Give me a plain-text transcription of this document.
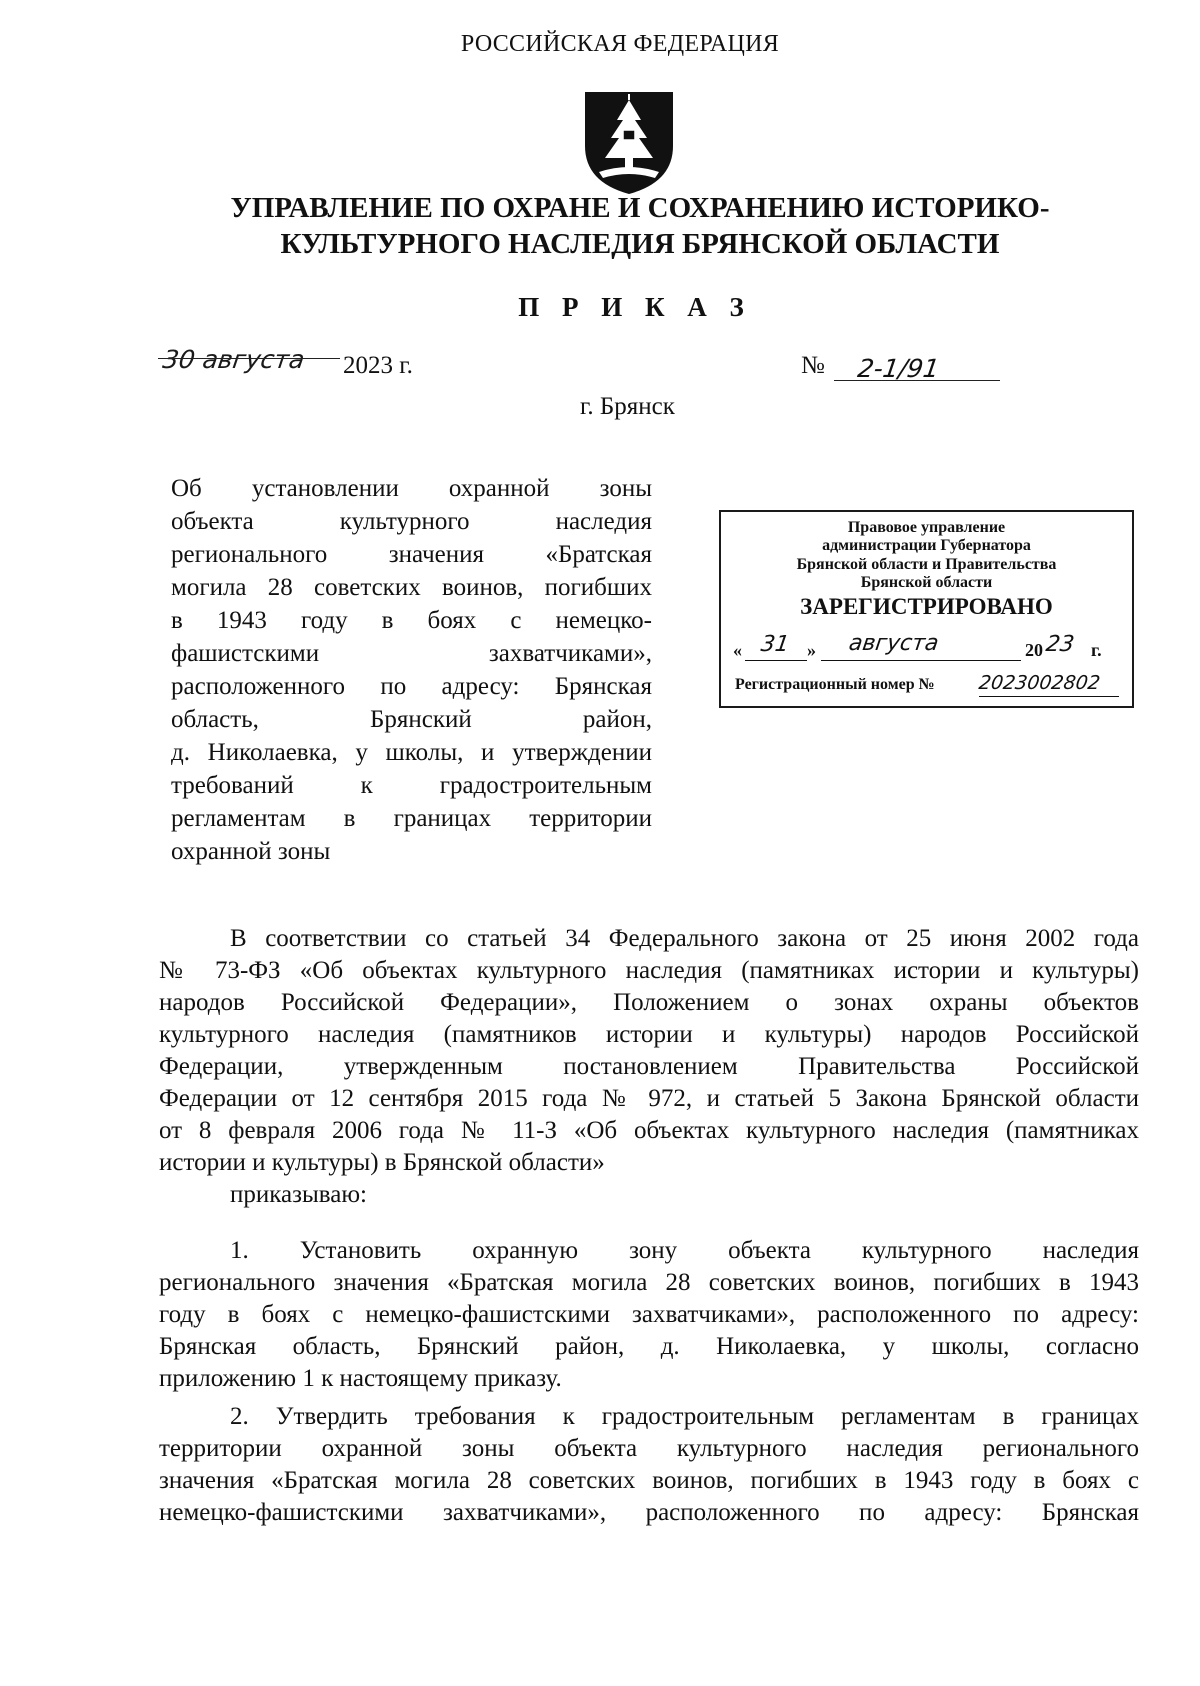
РОССИЙСКАЯ ФЕДЕРАЦИЯ
УПРАВЛЕНИЕ ПО ОХРАНЕ И СОХРАНЕНИЮ ИСТОРИКО-
КУЛЬТУРНОГО НАСЛЕДИЯ БРЯНСКОЙ ОБЛАСТИ
П Р И К А З
30 августа 2023 г.	№ 2-1/91
г. Брянск
Об установлении охранной зоны
объекта культурного наследия
регионального значения «Братская
могила 28 советских воинов, погибших
в 1943 году в боях с немецко-
фашистскими захватчиками»,
расположенного по адресу: Брянская
область, Брянский район,
д. Николаевка, у школы, и утверждении
требований к градостроительным
регламентам в границах территории
охранной зоны
Правовое управление
администрации Губернатора
Брянской области и Правительства
Брянской области
ЗАРЕГИСТРИРОВАНО
« 31 » августа	20 23 г.
Регистрационный номер № 2023002802
В соответствии со статьей 34 Федерального закона от 25 июня 2002 года
№ 73-ФЗ «Об объектах культурного наследия (памятниках истории и культуры)
народов Российской Федерации», Положением о зонах охраны объектов
культурного наследия (памятников истории и культуры) народов Российской
Федерации, утвержденным постановлением Правительства Российской
Федерации от 12 сентября 2015 года № 972, и статьей 5 Закона Брянской области
от 8 февраля 2006 года № 11-З «Об объектах культурного наследия (памятниках
истории и культуры) в Брянской области»
приказываю:
1. Установить охранную зону объекта культурного наследия
регионального значения «Братская могила 28 советских воинов, погибших в 1943
году в боях с немецко-фашистскими захватчиками», расположенного по адресу:
Брянская область, Брянский район, д. Николаевка, у школы, согласно
приложению 1 к настоящему приказу.
2. Утвердить требования к градостроительным регламентам в границах
территории охранной зоны объекта культурного наследия регионального
значения «Братская могила 28 советских воинов, погибших в 1943 году в боях с
немецко-фашистскими захватчиками», расположенного по адресу: Брянская
